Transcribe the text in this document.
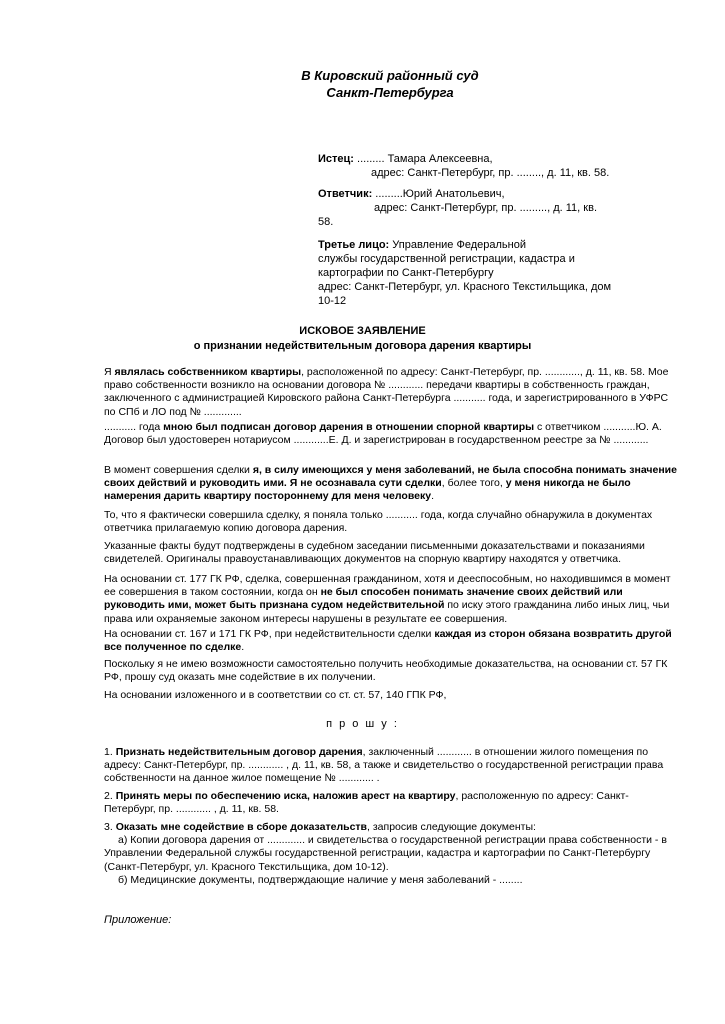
В Кировский районный суд
Санкт-Петербурга
Истец: ......... Тамара Алексеевна,
адрес: Санкт-Петербург, пр. ........, д. 11, кв. 58.
Ответчик: .........Юрий Анатольевич,
адрес: Санкт-Петербург, пр. ........., д. 11, кв.
58.
Третье лицо: Управление Федеральной
службы государственной регистрации, кадастра и
картографии по Санкт-Петербургу
адрес: Санкт-Петербург, ул. Красного Текстильщика, дом
10-12
ИСКОВОЕ ЗАЯВЛЕНИЕ
о признании недействительным договора дарения квартиры
Я являлась собственником квартиры, расположенной по адресу: Санкт-Петербург, пр. ............, д. 11, кв. 58. Мое право собственности возникло на основании договора № ............ передачи квартиры в собственность граждан, заключенного с администрацией Кировского района Санкт-Петербурга ........... года, и зарегистрированного в УФРС по СПб и ЛО под № .............
........... года мною был подписан договор дарения в отношении спорной квартиры с ответчиком ...........Ю. А. Договор был удостоверен нотариусом ............Е. Д. и зарегистрирован в государственном реестре за № ............
В момент совершения сделки я, в силу имеющихся у меня заболеваний, не была способна понимать значение своих действий и руководить ими. Я не осознавала сути сделки, более того, у меня никогда не было намерения дарить квартиру постороннему для меня человеку.
То, что я фактически совершила сделку, я поняла только ........... года, когда случайно обнаружила в документах ответчика прилагаемую копию договора дарения.
Указанные факты будут подтверждены в судебном заседании письменными доказательствами и показаниями свидетелей. Оригиналы правоустанавливающих документов на спорную квартиру находятся у ответчика.
На основании ст. 177 ГК РФ, сделка, совершенная гражданином, хотя и дееспособным, но находившимся в момент ее совершения в таком состоянии, когда он не был способен понимать значение своих действий или руководить ими, может быть признана судом недействительной по иску этого гражданина либо иных лиц, чьи права или охраняемые законом интересы нарушены в результате ее совершения.
На основании ст. 167 и 171 ГК РФ, при недействительности сделки каждая из сторон обязана возвратить другой все полученное по сделке.
Поскольку я не имею возможности самостоятельно получить необходимые доказательства, на основании ст. 57 ГК РФ, прошу суд оказать мне содействие в их получении.
На основании изложенного и в соответствии со ст. ст. 57, 140 ГПК РФ,
п р о ш у :
1. Признать недействительным договор дарения, заключенный ............ в отношении жилого помещения по адресу: Санкт-Петербург, пр. ............ , д. 11, кв. 58, а также и свидетельство о государственной регистрации права собственности на данное жилое помещение № ............ .
2. Принять меры по обеспечению иска, наложив арест на квартиру, расположенную по адресу: Санкт-Петербург, пр. ............ , д. 11, кв. 58.
3. Оказать мне содействие в сборе доказательств, запросив следующие документы:
а) Копии договора дарения от ............. и свидетельства о государственной регистрации права собственности - в Управлении Федеральной службы государственной регистрации, кадастра и картографии по Санкт-Петербургу (Санкт-Петербург, ул. Красного Текстильщика, дом 10-12).
б) Медицинские документы, подтверждающие наличие у меня заболеваний - ........
Приложение:
